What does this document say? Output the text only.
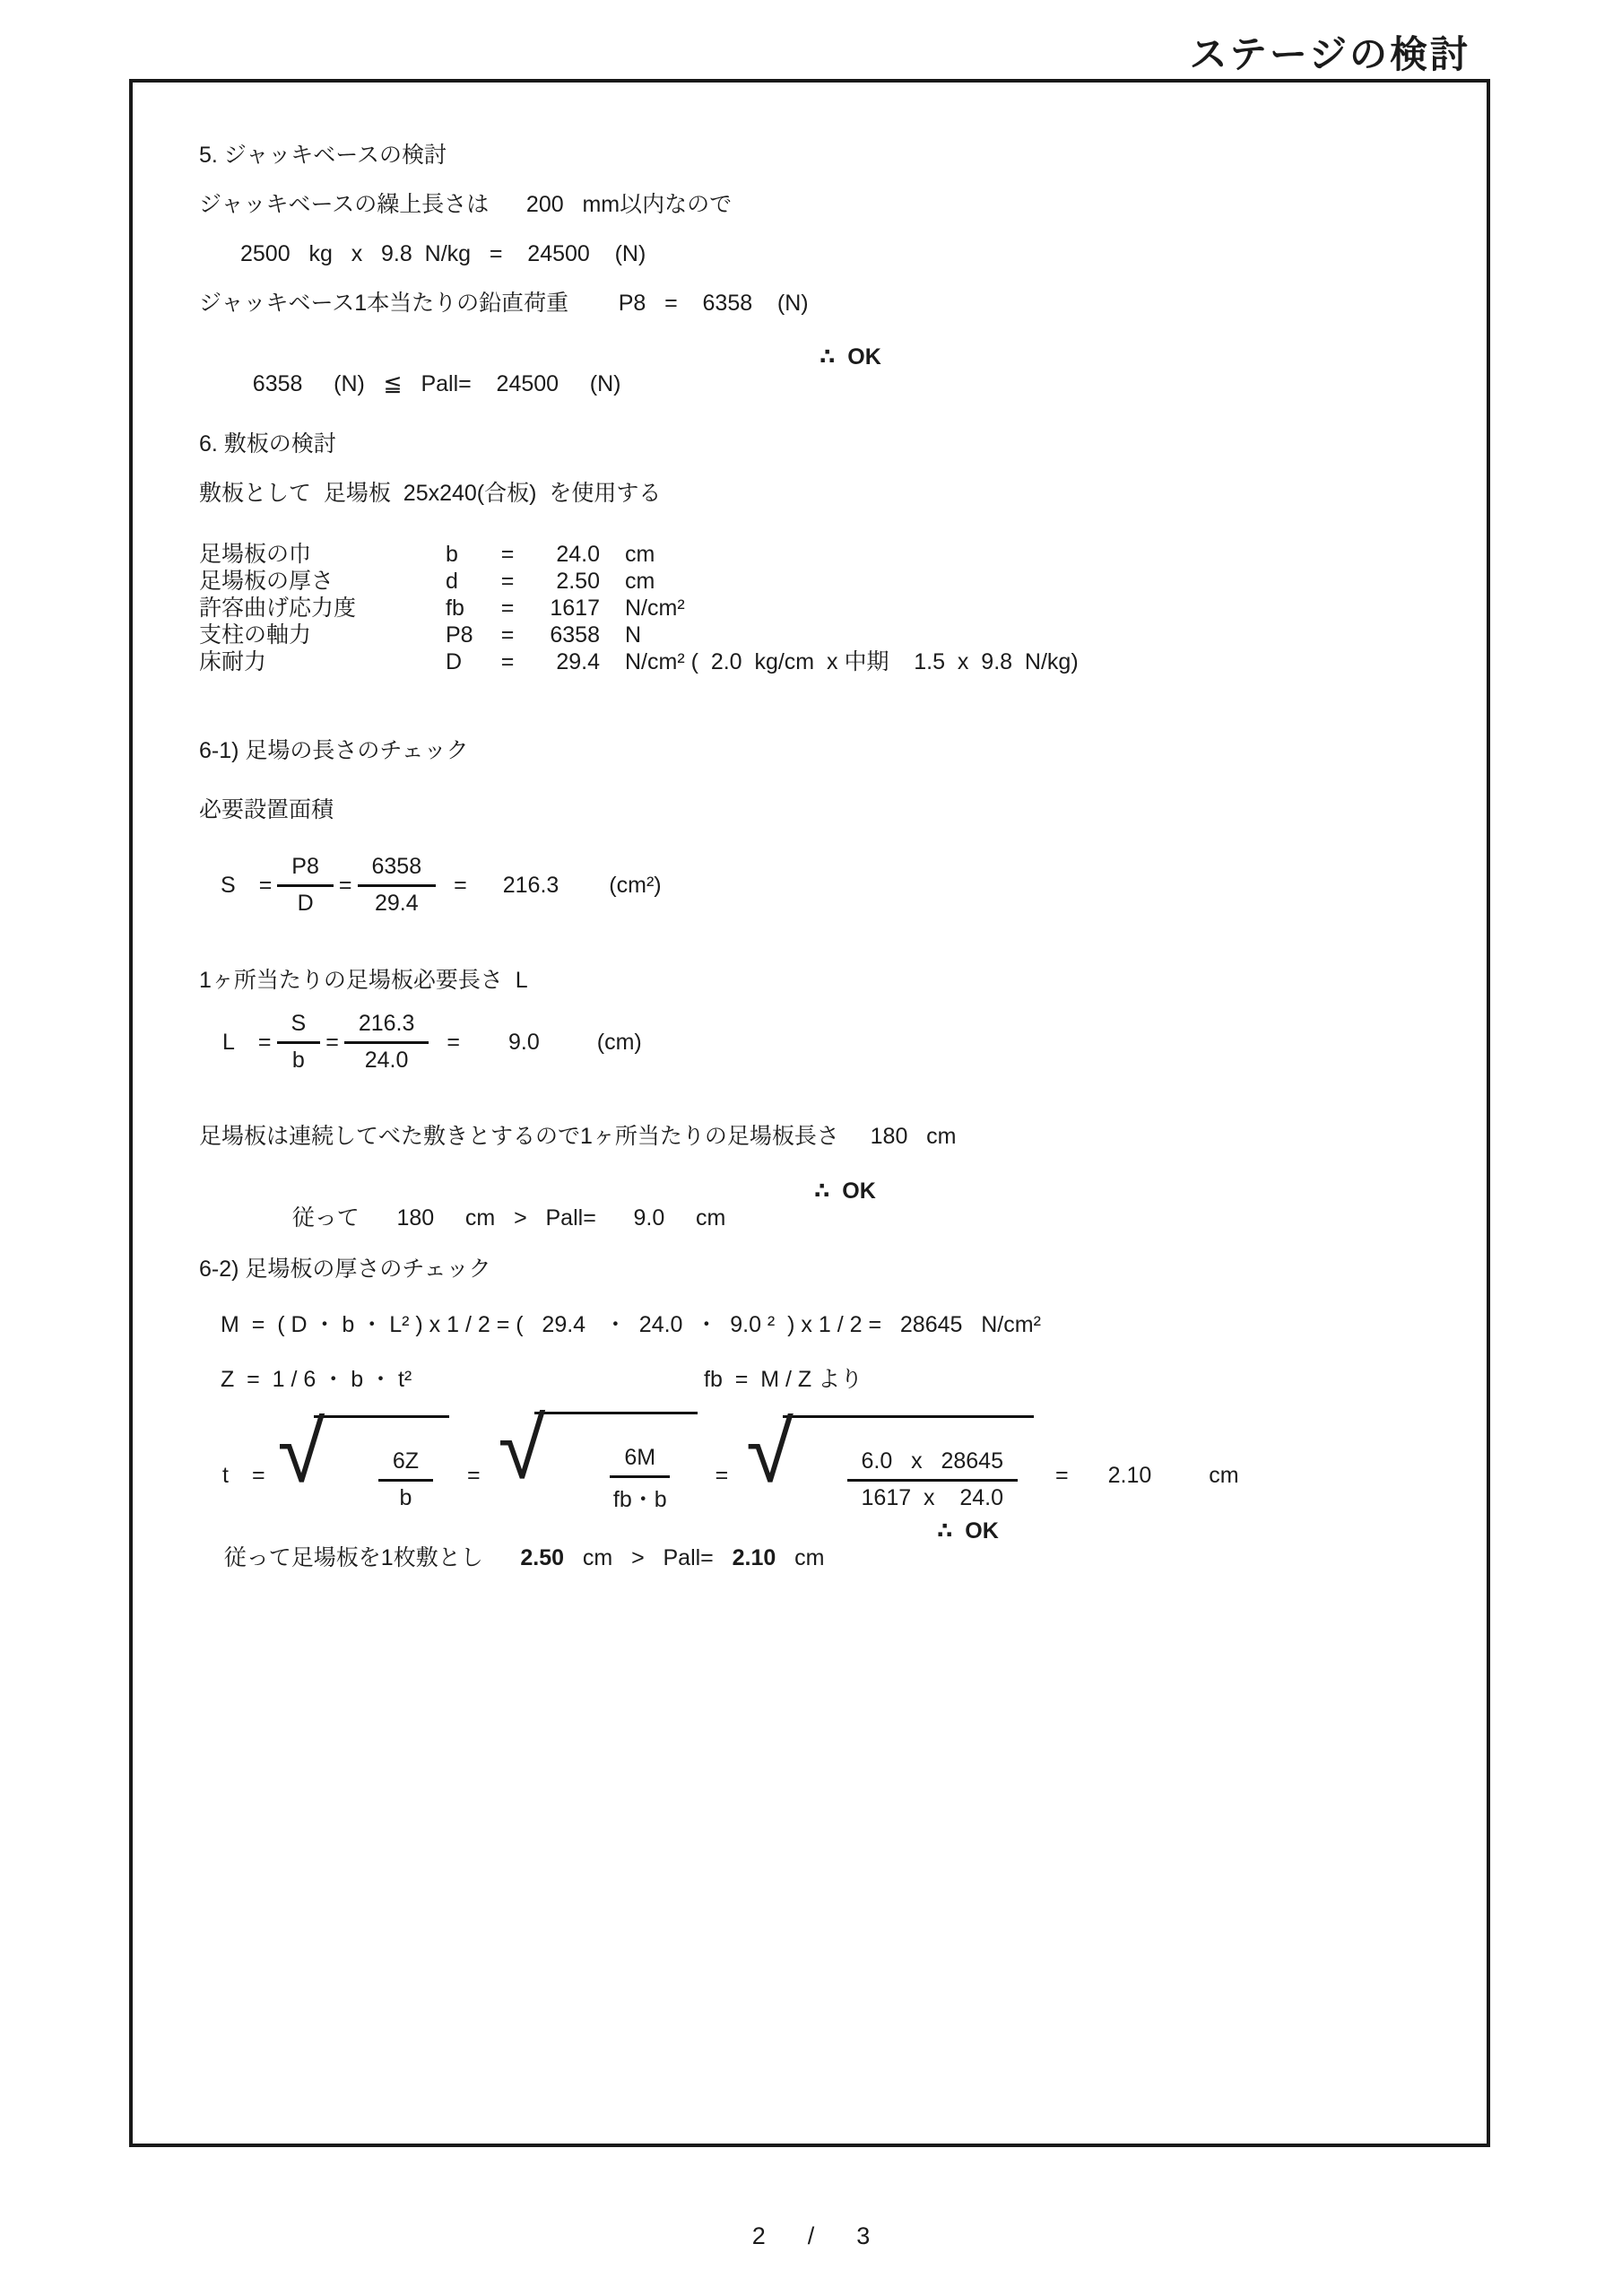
ステージの検討
5. ジャッキベースの検討
ジャッキベースの繰上長さは      200   mm以内なので
2500   kg   x   9.8  N/kg   =    24500    (N)
ジャッキベース1本当たりの鉛直荷重        P8   =    6358    (N)

6358     (N)   ≦   Pall=    24500     (N)

∴  OK

6. 敷板の検討
敷板として  足場板  25x240(合板)  を使用する
足場板の巾	b	=	24.0	cm
足場板の厚さ	d	=	2.50	cm
許容曲げ応力度	fb	=	1617	N/cm²
支柱の軸力	P8	=	6358	N
床耐力	D	=	29.4	N/cm² (  2.0  kg/cm  x 中期    1.5  x  9.8  N/kg)
6-1) 足場の長さのチェック
必要設置面積
$S = \frac{P8}{D} = \frac{6358}{29.4} = 216.3$ (cm²)
1ヶ所当たりの足場板必要長さ  L
$L = \frac{S}{b} = \frac{216.3}{24.0} = 9.0$	(cm)
足場板は連続してべた敷きとするので1ヶ所当たりの足場板長さ     180   cm

従って      180     cm   >   Pall=      9.0     cm

∴  OK

6-2) 足場板の厚さのチェック
M  =  ( D ・ b ・ L² ) x 1 / 2 = (   29.4   ・  24.0  ・  9.0 ²  ) x 1 / 2 =   28645   N/cm²
Z  =  1 / 6 ・ b ・ t²	fb  =  M / Z より
t = √

$\frac{6Z}{b}$

= √

$\frac{6M}{fb・b}$

= √

$\frac{6.0 x 28645}{1617 x 24.0}$

= 2.10	cm

従って足場板を1枚敷とし      2.50   cm   >   Pall=   2.10   cm

∴  OK

2  /  3
